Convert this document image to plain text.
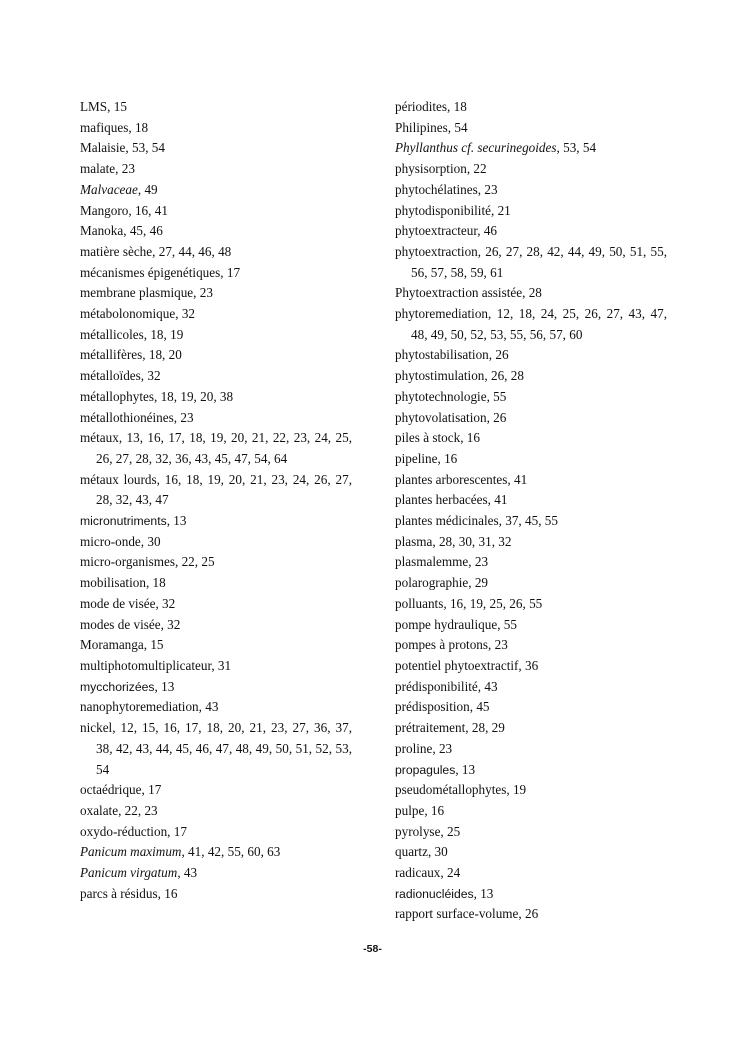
LMS, 15
mafiques, 18
Malaisie, 53, 54
malate, 23
Malvaceae, 49
Mangoro, 16, 41
Manoka, 45, 46
matière sèche, 27, 44, 46, 48
mécanismes épigenétiques, 17
membrane plasmique, 23
métabolonomique, 32
métallicoles, 18, 19
métallifères, 18, 20
métalloïdes, 32
métallophytes, 18, 19, 20, 38
métallothionéines, 23
métaux, 13, 16, 17, 18, 19, 20, 21, 22, 23, 24, 25, 26, 27, 28, 32, 36, 43, 45, 47, 54, 64
métaux lourds, 16, 18, 19, 20, 21, 23, 24, 26, 27, 28, 32, 43, 47
micronutriments, 13
micro-onde, 30
micro-organismes, 22, 25
mobilisation, 18
mode de visée, 32
modes de visée, 32
Moramanga, 15
multiphotomultiplicateur, 31
mycchorizées, 13
nanophytoremediation, 43
nickel, 12, 15, 16, 17, 18, 20, 21, 23, 27, 36, 37, 38, 42, 43, 44, 45, 46, 47, 48, 49, 50, 51, 52, 53, 54
octaédrique, 17
oxalate, 22, 23
oxydo-réduction, 17
Panicum maximum, 41, 42, 55, 60, 63
Panicum virgatum, 43
parcs à résidus, 16
périodites, 18
Philipines, 54
Phyllanthus cf. securinegoides, 53, 54
physisorption, 22
phytochélatines, 23
phytodisponibilité, 21
phytoextracteur, 46
phytoextraction, 26, 27, 28, 42, 44, 49, 50, 51, 55, 56, 57, 58, 59, 61
Phytoextraction assistée, 28
phytoremediation, 12, 18, 24, 25, 26, 27, 43, 47, 48, 49, 50, 52, 53, 55, 56, 57, 60
phytostabilisation, 26
phytostimulation, 26, 28
phytotechnologie, 55
phytovolatisation, 26
piles à stock, 16
pipeline, 16
plantes arborescentes, 41
plantes herbacées, 41
plantes médicinales, 37, 45, 55
plasma, 28, 30, 31, 32
plasmalemme, 23
polarographie, 29
polluants, 16, 19, 25, 26, 55
pompe hydraulique, 55
pompes à protons, 23
potentiel phytoextractif, 36
prédisponibilité, 43
prédisposition, 45
prétraitement, 28, 29
proline, 23
propagules, 13
pseudométallophytes, 19
pulpe, 16
pyrolyse, 25
quartz, 30
radicaux, 24
radionucléides, 13
rapport surface-volume, 26
-58-
